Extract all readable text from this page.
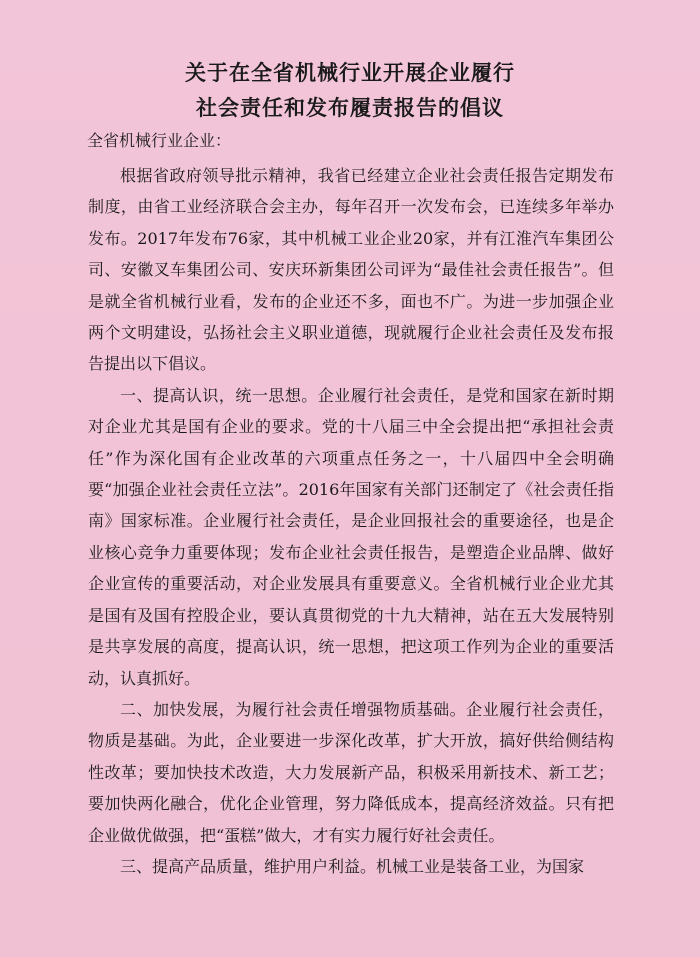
关于在全省机械行业开展企业履行
社会责任和发布履责报告的倡议
全省机械行业企业：

根据省政府领导批示精神，我省已经建立企业社会责任报告定期发布制度，由省工业经济联合会主办，每年召开一次发布会，已连续多年举办发布。2017年发布76家，其中机械工业企业20家，并有江淮汽车集团公司、安徽叉车集团公司、安庆环新集团公司评为“最佳社会责任报告”。但是就全省机械行业看，发布的企业还不多，面也不广。为进一步加强企业两个文明建设，弘扬社会主义职业道德，现就履行企业社会责任及发布报告提出以下倡议。

一、提高认识，统一思想。企业履行社会责任，是党和国家在新时期对企业尤其是国有企业的要求。党的十八届三中全会提出把“承担社会责任”作为深化国有企业改革的六项重点任务之一，十八届四中全会明确要“加强企业社会责任立法”。2016年国家有关部门还制定了《社会责任指南》国家标准。企业履行社会责任，是企业回报社会的重要途径，也是企业核心竞争力重要体现；发布企业社会责任报告，是塑造企业品牌、做好企业宣传的重要活动，对企业发展具有重要意义。全省机械行业企业尤其是国有及国有控股企业，要认真贯彻党的十九大精神，站在五大发展特别是共享发展的高度，提高认识，统一思想，把这项工作列为企业的重要活动，认真抓好。

二、加快发展，为履行社会责任增强物质基础。企业履行社会责任，物质是基础。为此，企业要进一步深化改革，扩大开放，搞好供给侧结构性改革；要加快技术改造，大力发展新产品，积极采用新技术、新工艺；要加快两化融合，优化企业管理，努力降低成本，提高经济效益。只有把企业做优做强，把“蛋糕”做大，才有实力履行好社会责任。

三、提高产品质量，维护用户利益。机械工业是装备工业，为国家
